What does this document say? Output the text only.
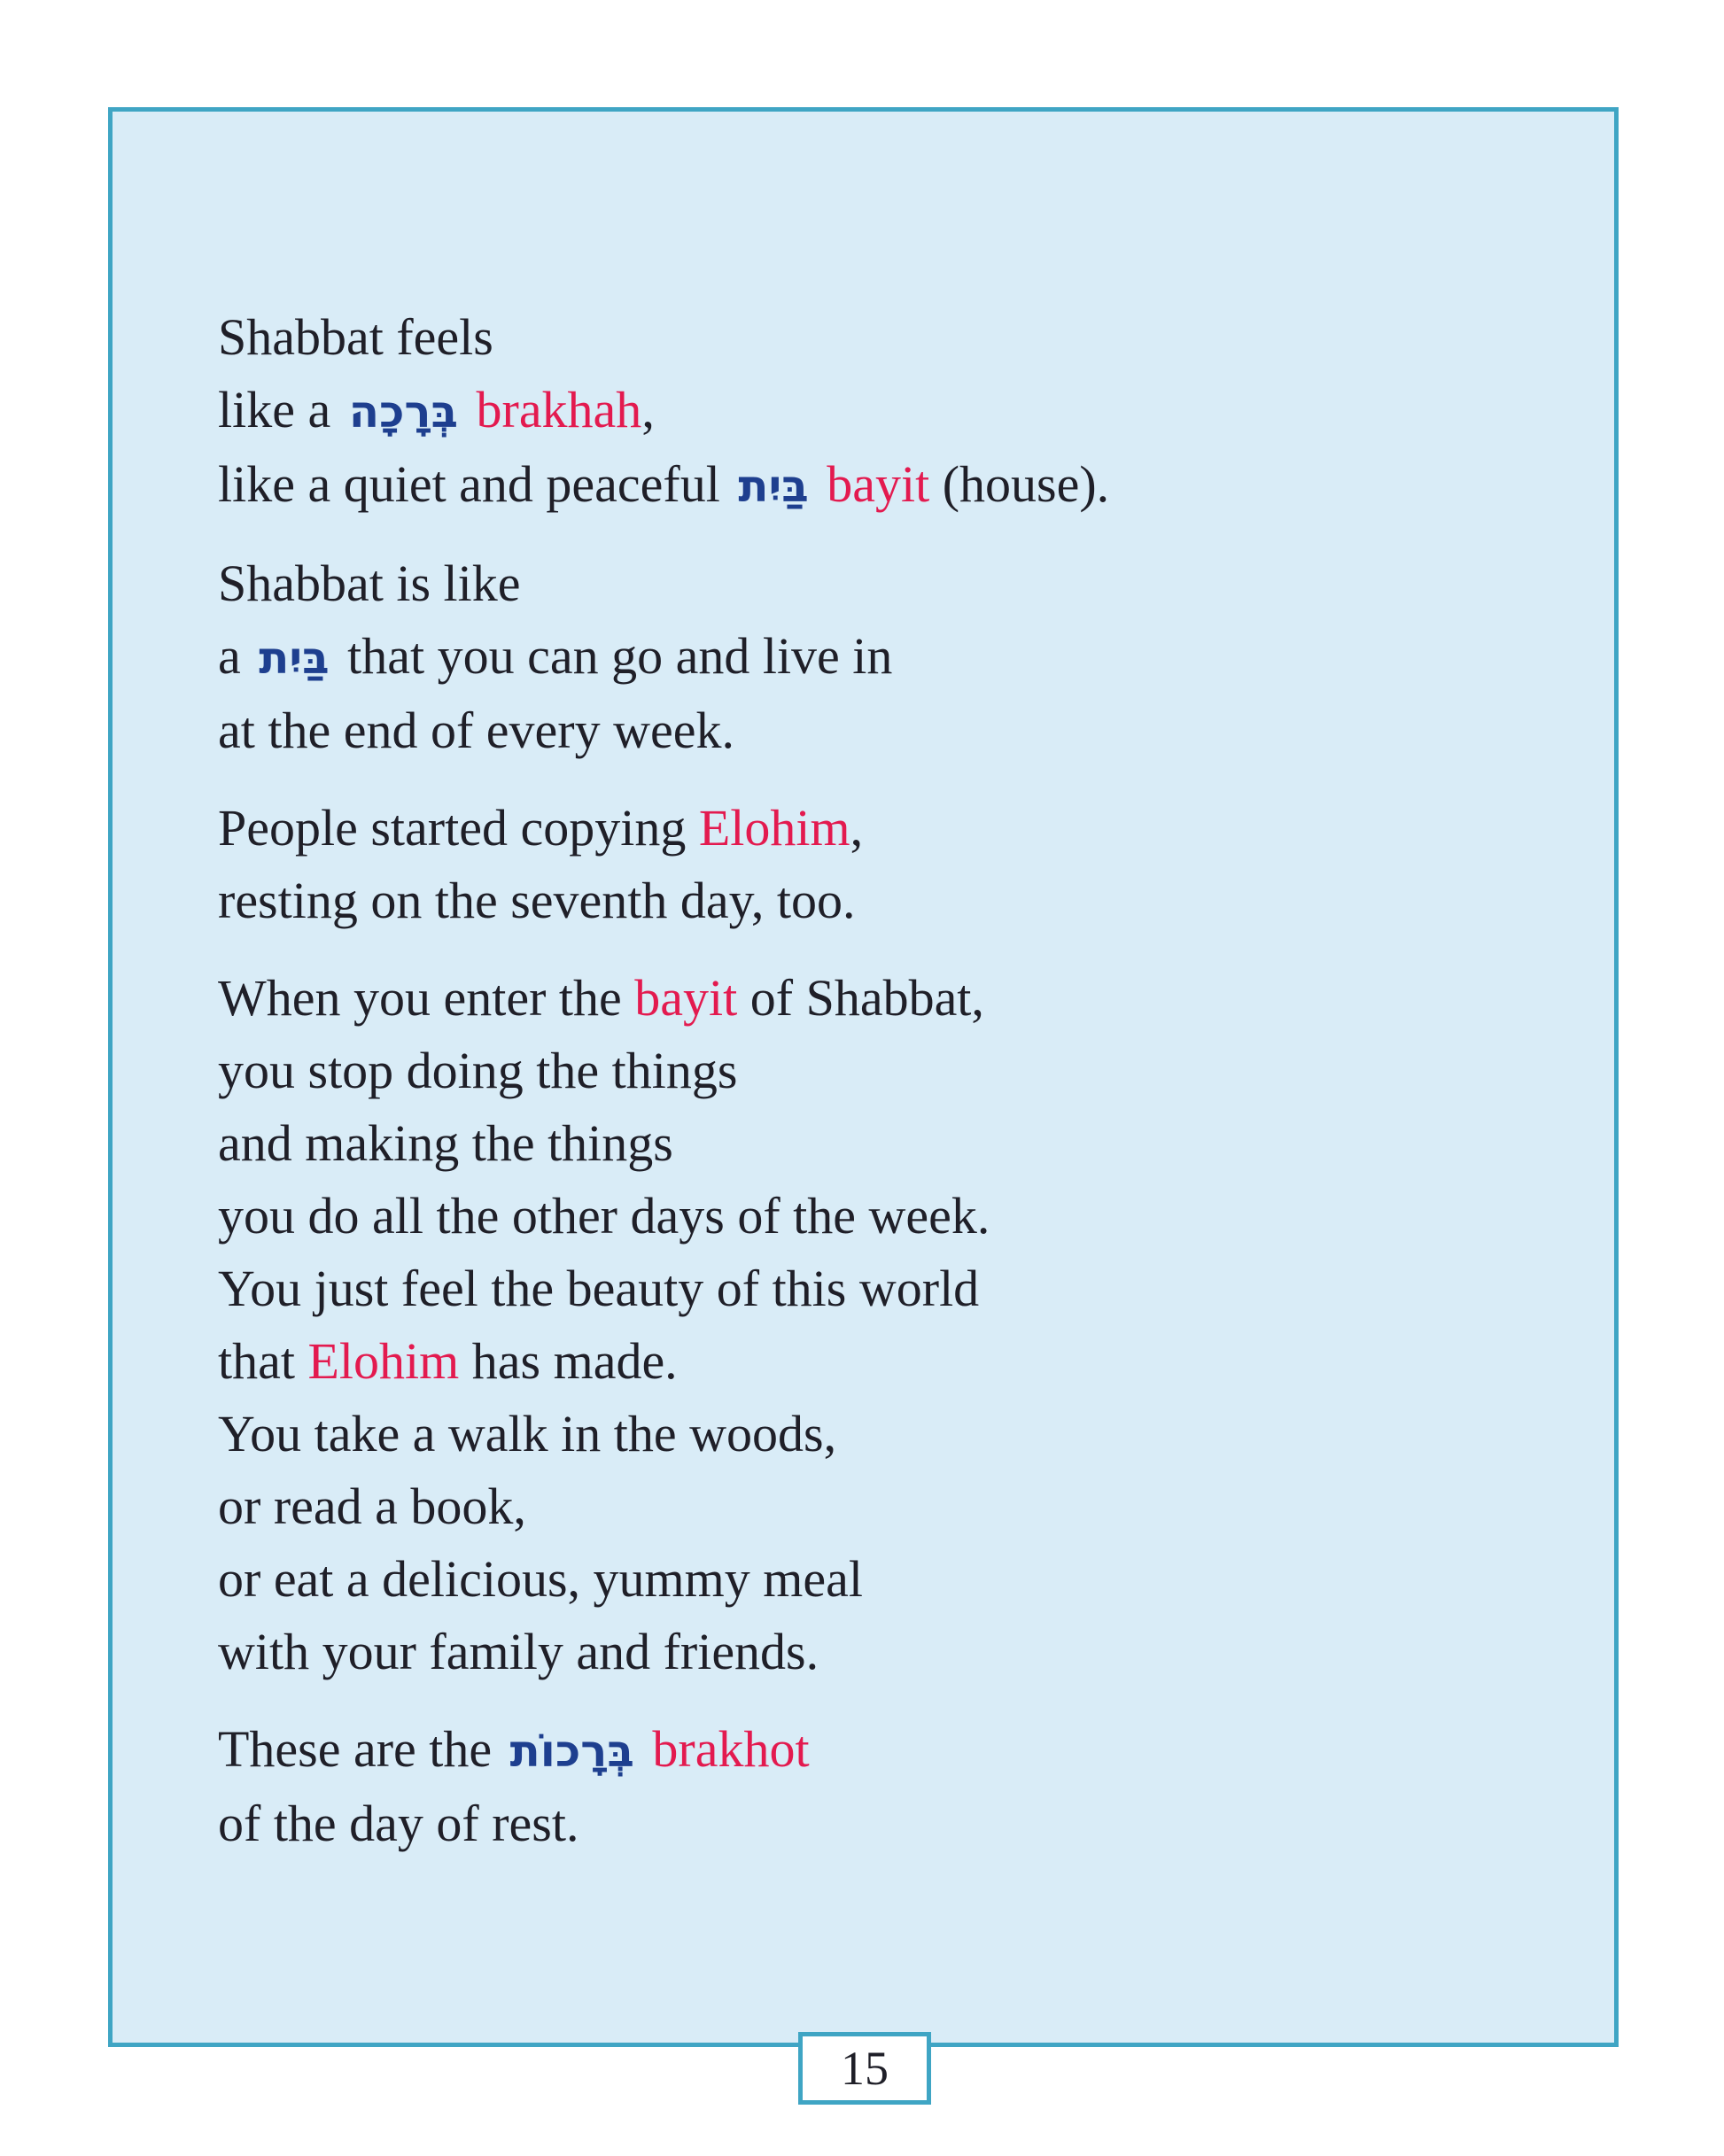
Shabbat feels
like a בְּרָכָה brakhah,
like a quiet and peaceful בַּיִת bayit (house).
Shabbat is like
a בַּיִת that you can go and live in
at the end of every week.
People started copying Elohim,
resting on the seventh day, too.
When you enter the bayit of Shabbat,
you stop doing the things
and making the things
you do all the other days of the week.
You just feel the beauty of this world
that Elohim has made.
You take a walk in the woods,
or read a book,
or eat a delicious, yummy meal
with your family and friends.
These are the בְּרָכוֹת brakhot
of the day of rest.
15
